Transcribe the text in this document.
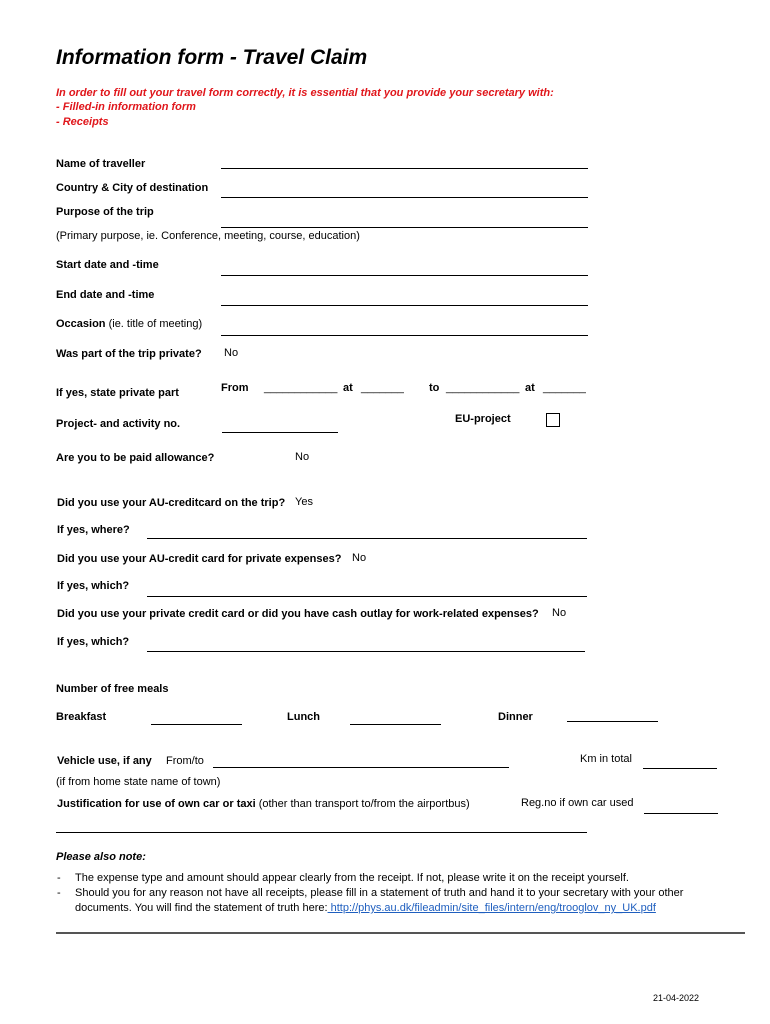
Information form - Travel Claim
In order to fill out your travel form correctly, it is essential that you provide your secretary with:
- Filled-in information form
- Receipts
Name of traveller
Country & City of destination
Purpose of the trip
(Primary purpose, ie. Conference, meeting, course, education)
Start date and -time
End date and -time
Occasion (ie. title of meeting)
Was part of the trip private? No
If yes, state private part	From ____________ at _______ to ____________ at _______
Project- and activity no.	EU-project
Are you to be paid allowance?	No
Did you use your AU-creditcard on the trip? Yes
If yes, where?
Did you use your AU-credit card for private expenses? No
If yes, which?
Did you use your private credit card or did you have cash outlay for work-related expenses? No
If yes, which?
Number of free meals
Breakfast	Lunch	Dinner
Vehicle use, if any From/to	Km in total
(if from home state name of town)
Justification for use of own car or taxi (other than transport to/from the airportbus)	Reg.no if own car used
Please also note:
- The expense type and amount should appear clearly from the receipt. If not, please write it on the receipt yourself.
- Should you for any reason not have all receipts, please fill in a statement of truth and hand it to your secretary with your other
documents. You will find the statement of truth here: http://phys.au.dk/fileadmin/site_files/intern/eng/trooglov_ny_UK.pdf
21-04-2022
